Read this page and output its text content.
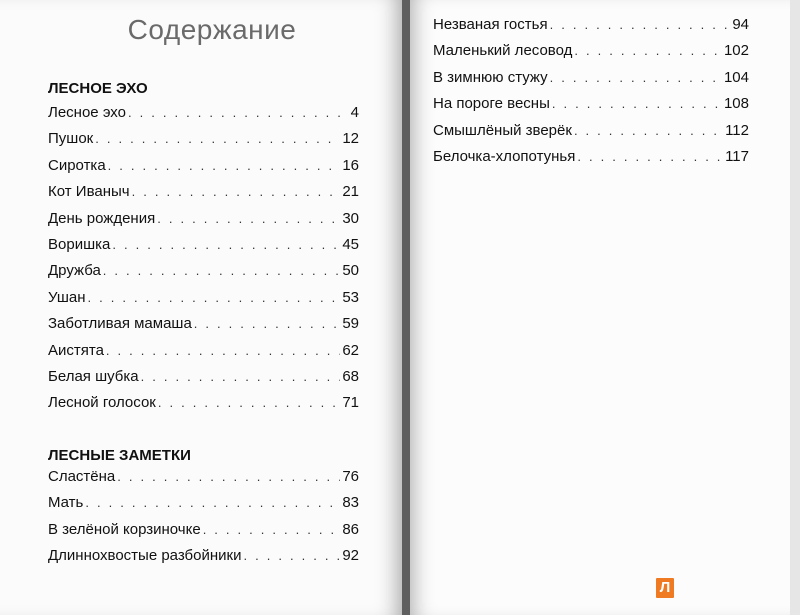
Содержание
ЛЕСНОЕ ЭХО
Лесное эхо . . .	4
Пушок . . .	12
Сиротка . . .	16
Кот Иваныч . . .	21
День рождения . . .	30
Воришка . . .	45
Дружба . . .	50
Ушан . . .	53
Заботливая мамаша . . .	59
Аистята . . .	62
Белая шубка . . .	68
Лесной голосок . . .	71
ЛЕСНЫЕ ЗАМЕТКИ
Сластёна . . .	76
Мать . . .	83
В зелёной корзиночке . . .	86
Длиннохвостые разбойники . . .	92
Незваная гостья . . .	94
Маленький лесовод . . .	102
В зимнюю стужу . . .	104
На пороге весны . . .	108
Смышлёный зверёк . . .	112
Белочка-хлопотунья . . .	117
Л
